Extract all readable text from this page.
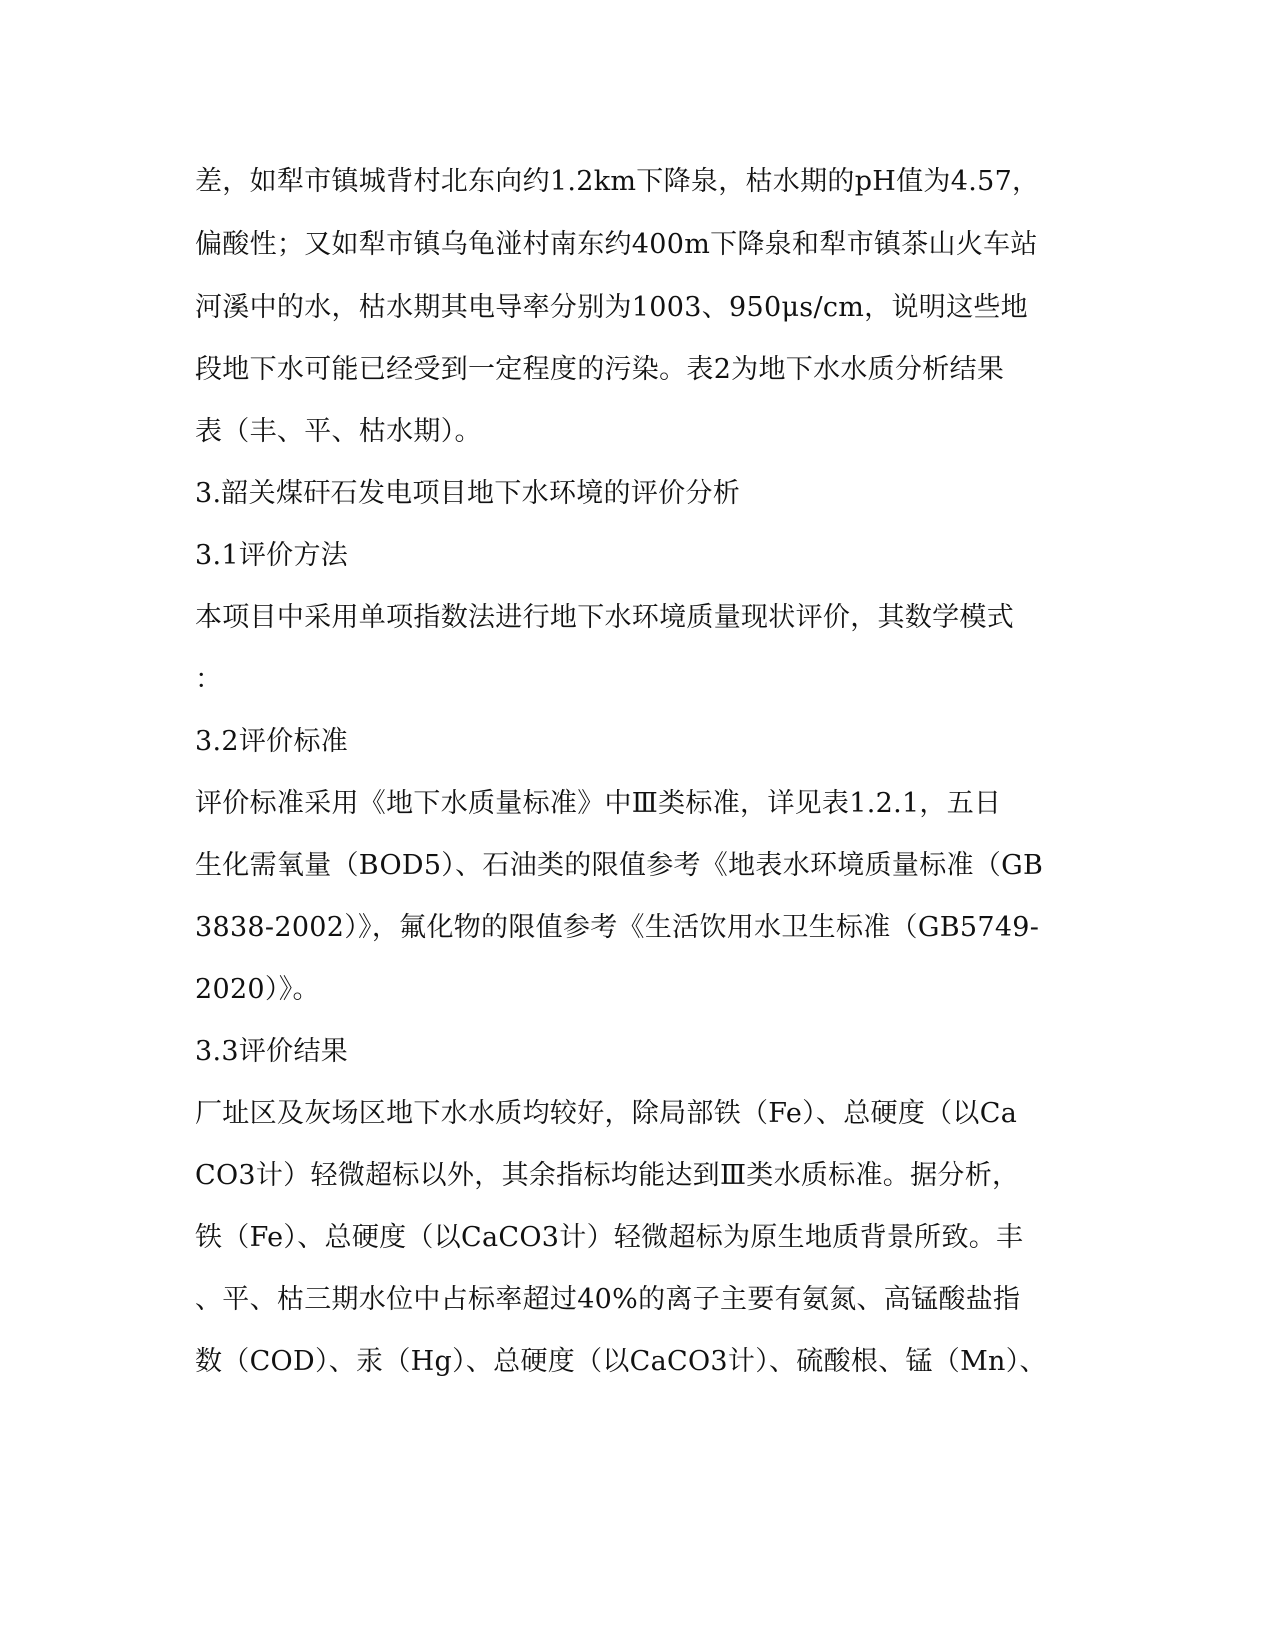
差，如犁市镇城背村北东向约1.2km下降泉，枯水期的pH值为4.57，
偏酸性；又如犁市镇乌龟湴村南东约400m下降泉和犁市镇茶山火车站
河溪中的水，枯水期其电导率分别为1003、950μs/cm，说明这些地
段地下水可能已经受到一定程度的污染。表2为地下水水质分析结果
表（丰、平、枯水期）。
3.韶关煤矸石发电项目地下水环境的评价分析
3.1评价方法
本项目中采用单项指数法进行地下水环境质量现状评价，其数学模式
：
3.2评价标准
评价标准采用《地下水质量标准》中Ⅲ类标准，详见表1.2.1，五日
生化需氧量（BOD5）、石油类的限值参考《地表水环境质量标准（GB
3838-2002）》，氟化物的限值参考《生活饮用水卫生标准（GB5749-
2020）》。
3.3评价结果
厂址区及灰场区地下水水质均较好，除局部铁（Fe）、总硬度（以Ca
CO3计）轻微超标以外，其余指标均能达到Ⅲ类水质标准。据分析，
铁（Fe）、总硬度（以CaCO3计）轻微超标为原生地质背景所致。丰
、平、枯三期水位中占标率超过40%的离子主要有氨氮、高锰酸盐指
数（COD）、汞（Hg）、总硬度（以CaCO3计）、硫酸根、锰（Mn）、
